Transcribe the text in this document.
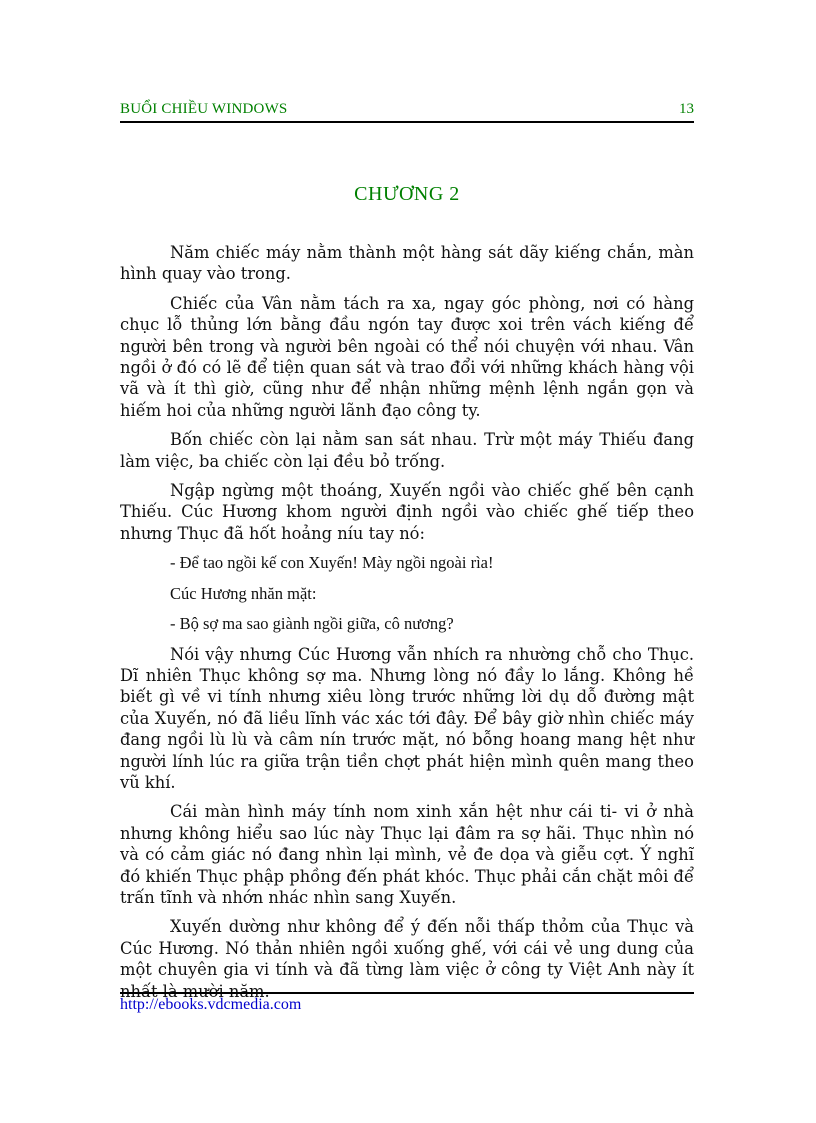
BUỔI CHIỀU WINDOWS	13
CHƯƠNG 2

Năm chiếc máy nằm thành một hàng sát dãy kiếng chắn, màn hình quay vào trong.

Chiếc của Vân nằm tách ra xa, ngay góc phòng, nơi có hàng chục lỗ thủng lớn bằng đầu ngón tay được xoi trên vách kiếng để người bên trong và người bên ngoài có thể nói chuyện với nhau. Vân ngồi ở đó có lẽ để tiện quan sát và trao đổi với những khách hàng vội vã và ít thì giờ, cũng như để nhận những mệnh lệnh ngắn gọn và hiếm hoi của những người lãnh đạo công ty.

Bốn chiếc còn lại nằm san sát nhau. Trừ một máy Thiếu đang làm việc, ba chiếc còn lại đều bỏ trống.

Ngập ngừng một thoáng, Xuyến ngồi vào chiếc ghế bên cạnh Thiếu. Cúc Hương khom người định ngồi vào chiếc ghế tiếp theo nhưng Thục đã hốt hoảng níu tay nó:

- Để tao ngồi kế con Xuyến! Mày ngồi ngoài rìa!

Cúc Hương nhăn mặt:

- Bộ sợ ma sao giành ngồi giữa, cô nương?

Nói vậy nhưng Cúc Hương vẫn nhích ra nhường chỗ cho Thục. Dĩ nhiên Thục không sợ ma. Nhưng lòng nó đầy lo lắng. Không hề biết gì về vi tính nhưng xiêu lòng trước những lời dụ dỗ đường mật của Xuyến, nó đã liều lĩnh vác xác tới đây. Để bây giờ nhìn chiếc máy đang ngồi lù lù và câm nín trước mặt, nó bỗng hoang mang hệt như người lính lúc ra giữa trận tiền chợt phát hiện mình quên mang theo vũ khí.

Cái màn hình máy tính nom xinh xắn hệt như cái ti- vi ở nhà nhưng không hiểu sao lúc này Thục lại đâm ra sợ hãi. Thục nhìn nó và có cảm giác nó đang nhìn lại mình, vẻ đe dọa và giễu cợt. Ý nghĩ đó khiến Thục phập phồng đến phát khóc. Thục phải cắn chặt môi để trấn tĩnh và nhớn nhác nhìn sang Xuyến.

Xuyến dường như không để ý đến nỗi thấp thỏm của Thục và Cúc Hương. Nó thản nhiên ngồi xuống ghế, với cái vẻ ung dung của một chuyên gia vi tính và đã từng làm việc ở công ty Việt Anh này ít nhất là mười năm.

http://ebooks.vdcmedia.com
